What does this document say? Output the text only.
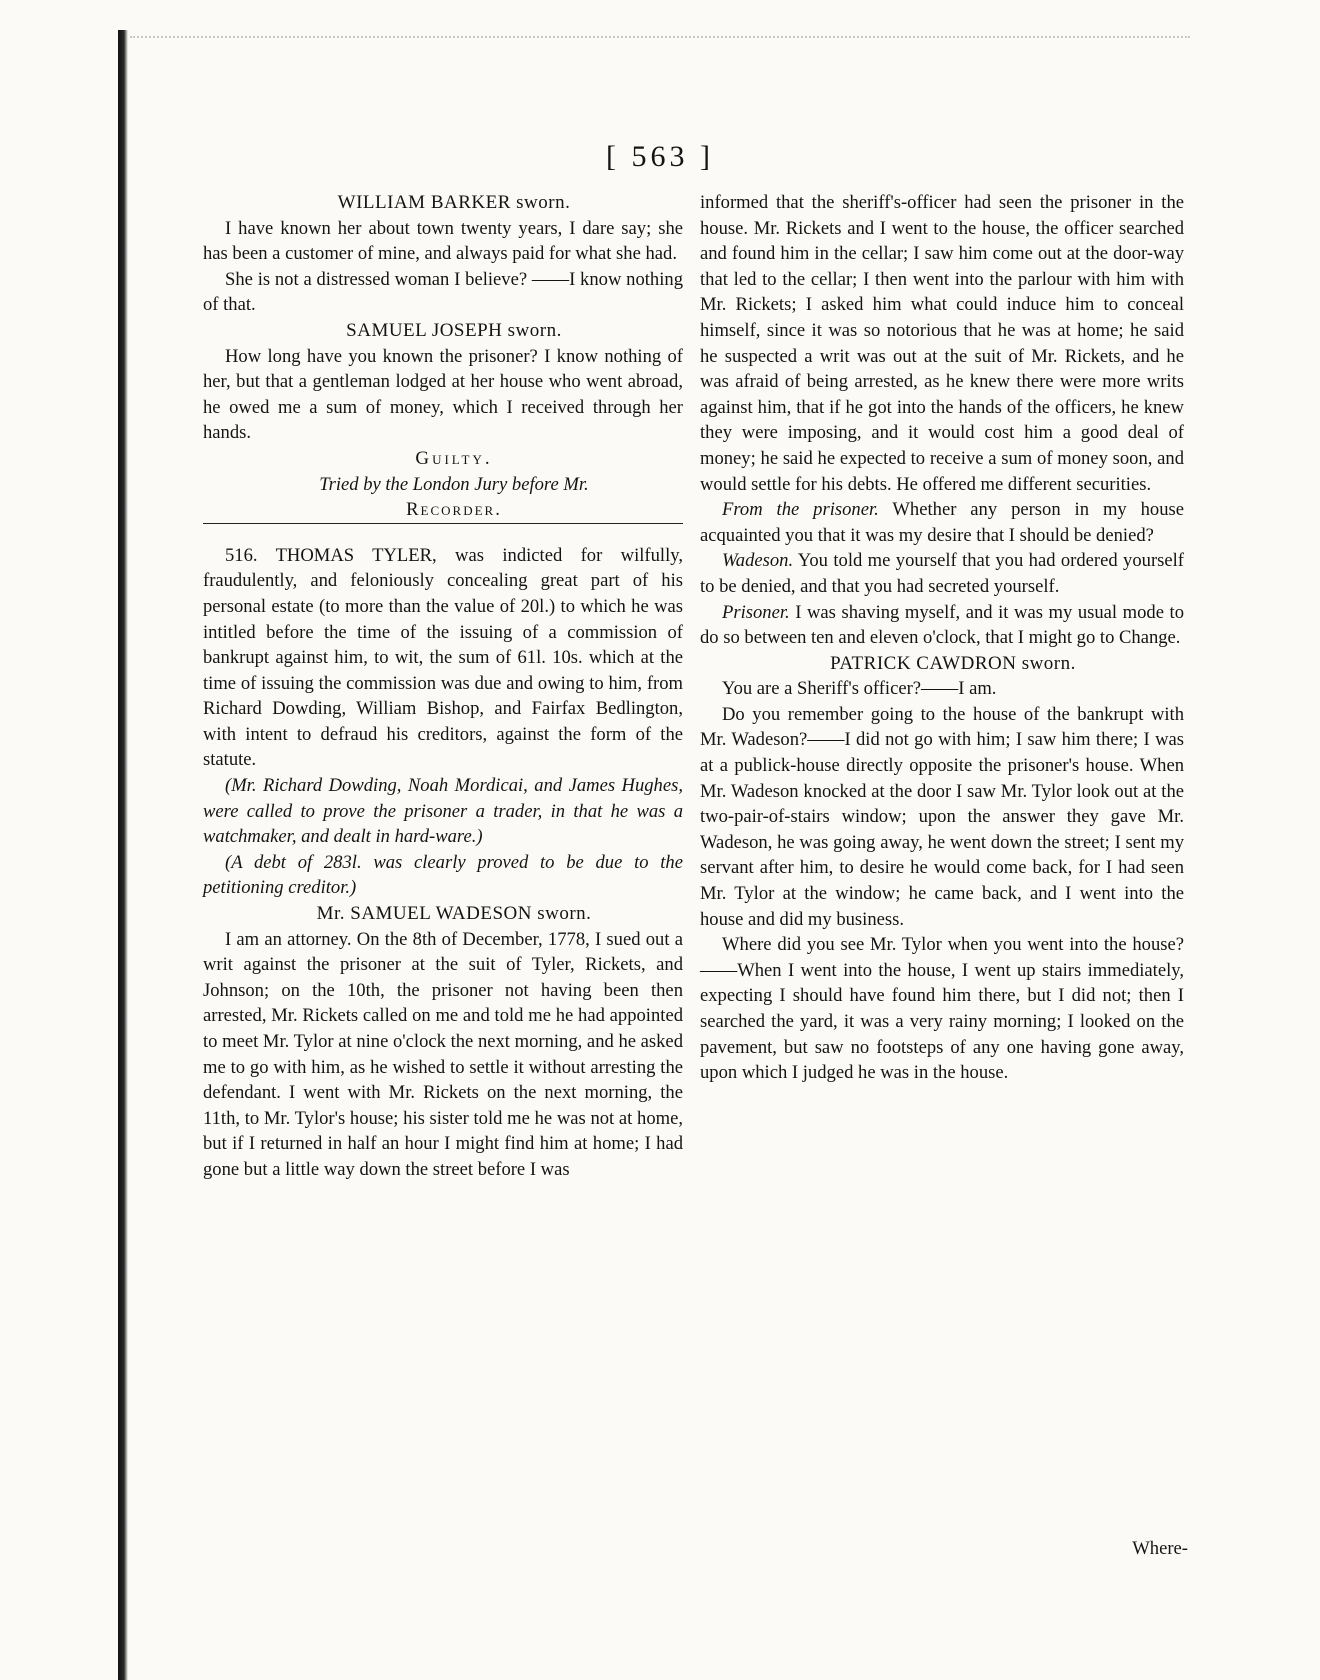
[ 563 ]

WILLIAM BARKER sworn.

I have known her about town twenty years, I dare say; she has been a customer of mine, and always paid for what she had.

She is not a distressed woman I believe? ——I know nothing of that.

SAMUEL JOSEPH sworn.

How long have you known the prisoner? I know nothing of her, but that a gentleman lodged at her house who went abroad, he owed me a sum of money, which I received through her hands.

Guilty.

Tried by the London Jury before Mr.

Recorder.

516. THOMAS TYLER, was indicted for wilfully, fraudulently, and feloniously concealing great part of his personal estate (to more than the value of 20l.) to which he was intitled before the time of the issuing of a commission of bankrupt against him, to wit, the sum of 61l. 10s. which at the time of issuing the commission was due and owing to him, from Richard Dowding, William Bishop, and Fairfax Bedlington, with intent to defraud his creditors, against the form of the statute.

(Mr. Richard Dowding, Noah Mordicai, and James Hughes, were called to prove the prisoner a trader, in that he was a watchmaker, and dealt in hard-ware.)

(A debt of 283l. was clearly proved to be due to the petitioning creditor.)

Mr. SAMUEL WADESON sworn.

I am an attorney. On the 8th of December, 1778, I sued out a writ against the prisoner at the suit of Tyler, Rickets, and Johnson; on the 10th, the prisoner not having been then arrested, Mr. Rickets called on me and told me he had appointed to meet Mr. Tylor at nine o'clock the next morning, and he asked me to go with him, as he wished to settle it without arresting the defendant. I went with Mr. Rickets on the next morning, the 11th, to Mr. Tylor's house; his sister told me he was not at home, but if I returned in half an hour I might find him at home; I had gone but a little way down the street before I was

informed that the sheriff's-officer had seen the prisoner in the house. Mr. Rickets and I went to the house, the officer searched and found him in the cellar; I saw him come out at the door-way that led to the cellar; I then went into the parlour with him with Mr. Rickets; I asked him what could induce him to conceal himself, since it was so notorious that he was at home; he said he suspected a writ was out at the suit of Mr. Rickets, and he was afraid of being arrested, as he knew there were more writs against him, that if he got into the hands of the officers, he knew they were imposing, and it would cost him a good deal of money; he said he expected to receive a sum of money soon, and would settle for his debts. He offered me different securities.

From the prisoner. Whether any person in my house acquainted you that it was my desire that I should be denied?

Wadeson. You told me yourself that you had ordered yourself to be denied, and that you had secreted yourself.

Prisoner. I was shaving myself, and it was my usual mode to do so between ten and eleven o'clock, that I might go to Change.

PATRICK CAWDRON sworn.

You are a Sheriff's officer?——I am.

Do you remember going to the house of the bankrupt with Mr. Wadeson?——I did not go with him; I saw him there; I was at a publick-house directly opposite the prisoner's house. When Mr. Wadeson knocked at the door I saw Mr. Tylor look out at the two-pair-of-stairs window; upon the answer they gave Mr. Wadeson, he was going away, he went down the street; I sent my servant after him, to desire he would come back, for I had seen Mr. Tylor at the window; he came back, and I went into the house and did my business.

Where did you see Mr. Tylor when you went into the house?——When I went into the house, I went up stairs immediately, expecting I should have found him there, but I did not; then I searched the yard, it was a very rainy morning; I looked on the pavement, but saw no footsteps of any one having gone away, upon which I judged he was in the house.

Where-
